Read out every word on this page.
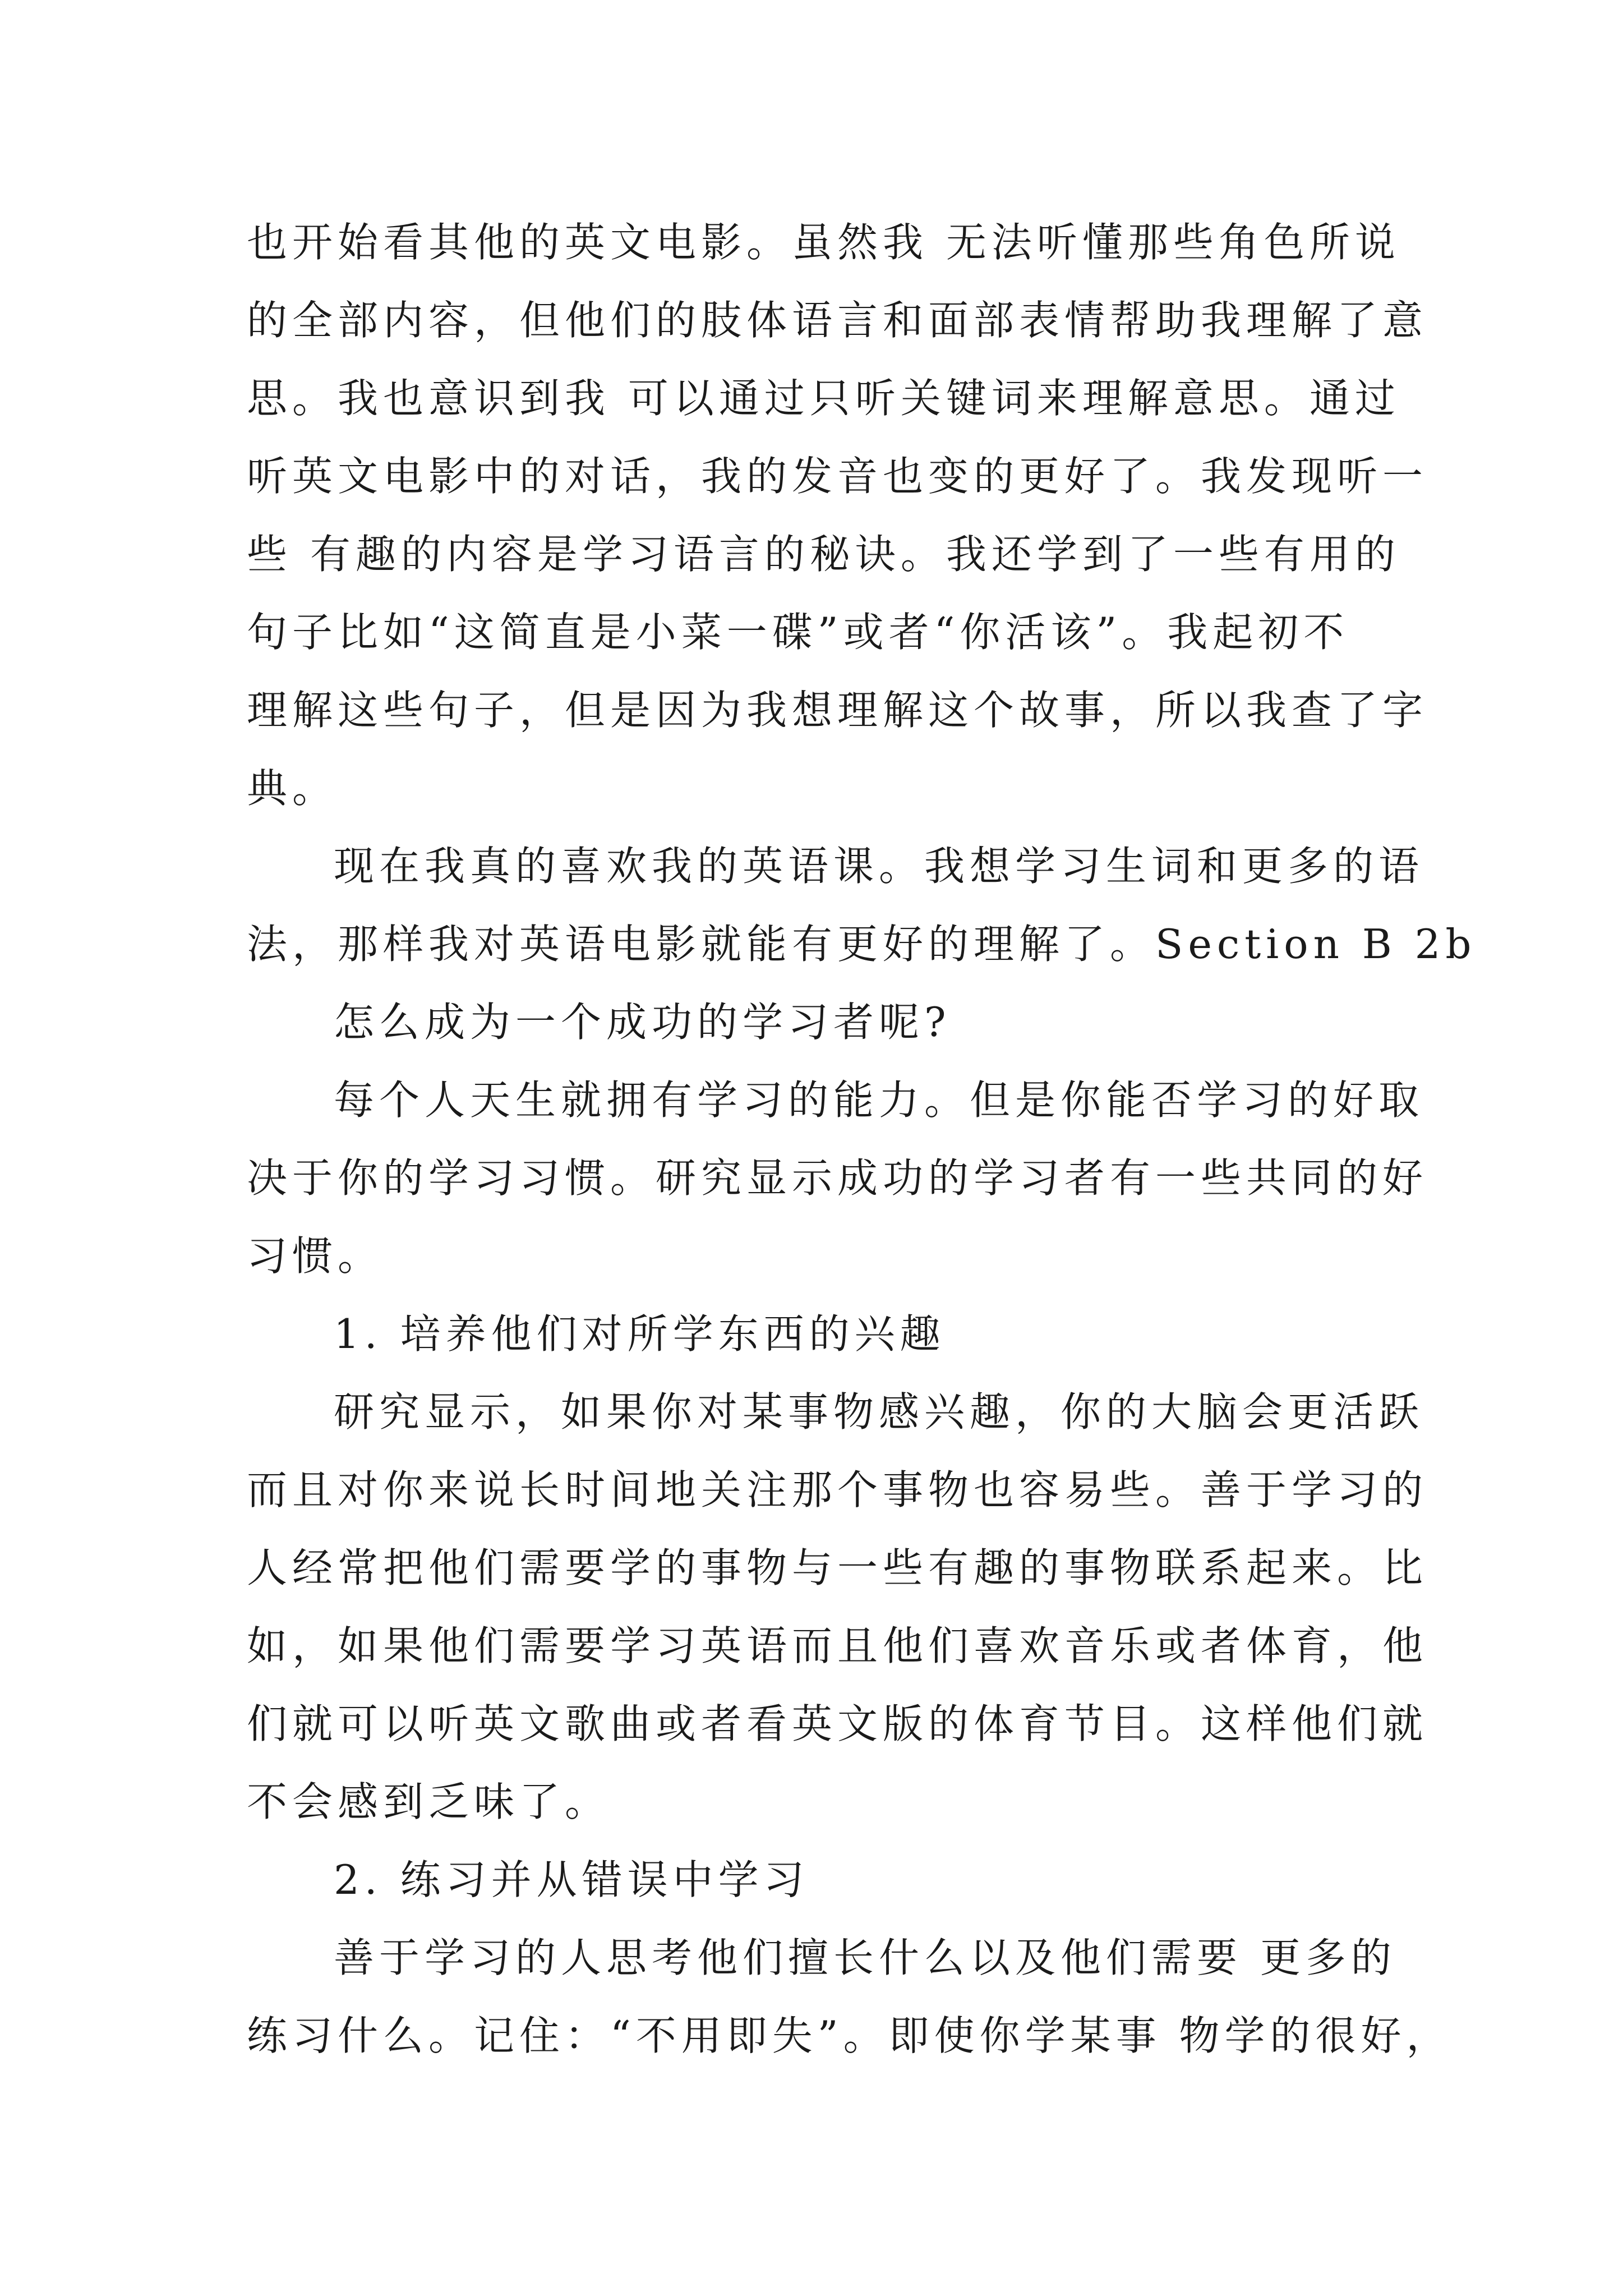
也开始看其他的英文电影。虽然我 无法听懂那些角色所说
的全部内容，但他们的肢体语言和面部表情帮助我理解了意
思。我也意识到我 可以通过只听关键词来理解意思。通过
听英文电影中的对话，我的发音也变的更好了。我发现听一
些 有趣的内容是学习语言的秘诀。我还学到了一些有用的
句子比如“这简直是小菜一碟”或者“你活该”。我起初不
理解这些句子，但是因为我想理解这个故事，所以我查了字
典。
现在我真的喜欢我的英语课。我想学习生词和更多的语
法，那样我对英语电影就能有更好的理解了。Section B 2b
怎么成为一个成功的学习者呢?
每个人天生就拥有学习的能力。但是你能否学习的好取
决于你的学习习惯。研究显示成功的学习者有一些共同的好
习惯。
1. 培养他们对所学东西的兴趣
研究显示，如果你对某事物感兴趣，你的大脑会更活跃
而且对你来说长时间地关注那个事物也容易些。善于学习的
人经常把他们需要学的事物与一些有趣的事物联系起来。比
如，如果他们需要学习英语而且他们喜欢音乐或者体育，他
们就可以听英文歌曲或者看英文版的体育节目。这样他们就
不会感到乏味了。
2. 练习并从错误中学习
善于学习的人思考他们擅长什么以及他们需要 更多的
练习什么。记住：“不用即失”。即使你学某事 物学的很好，
